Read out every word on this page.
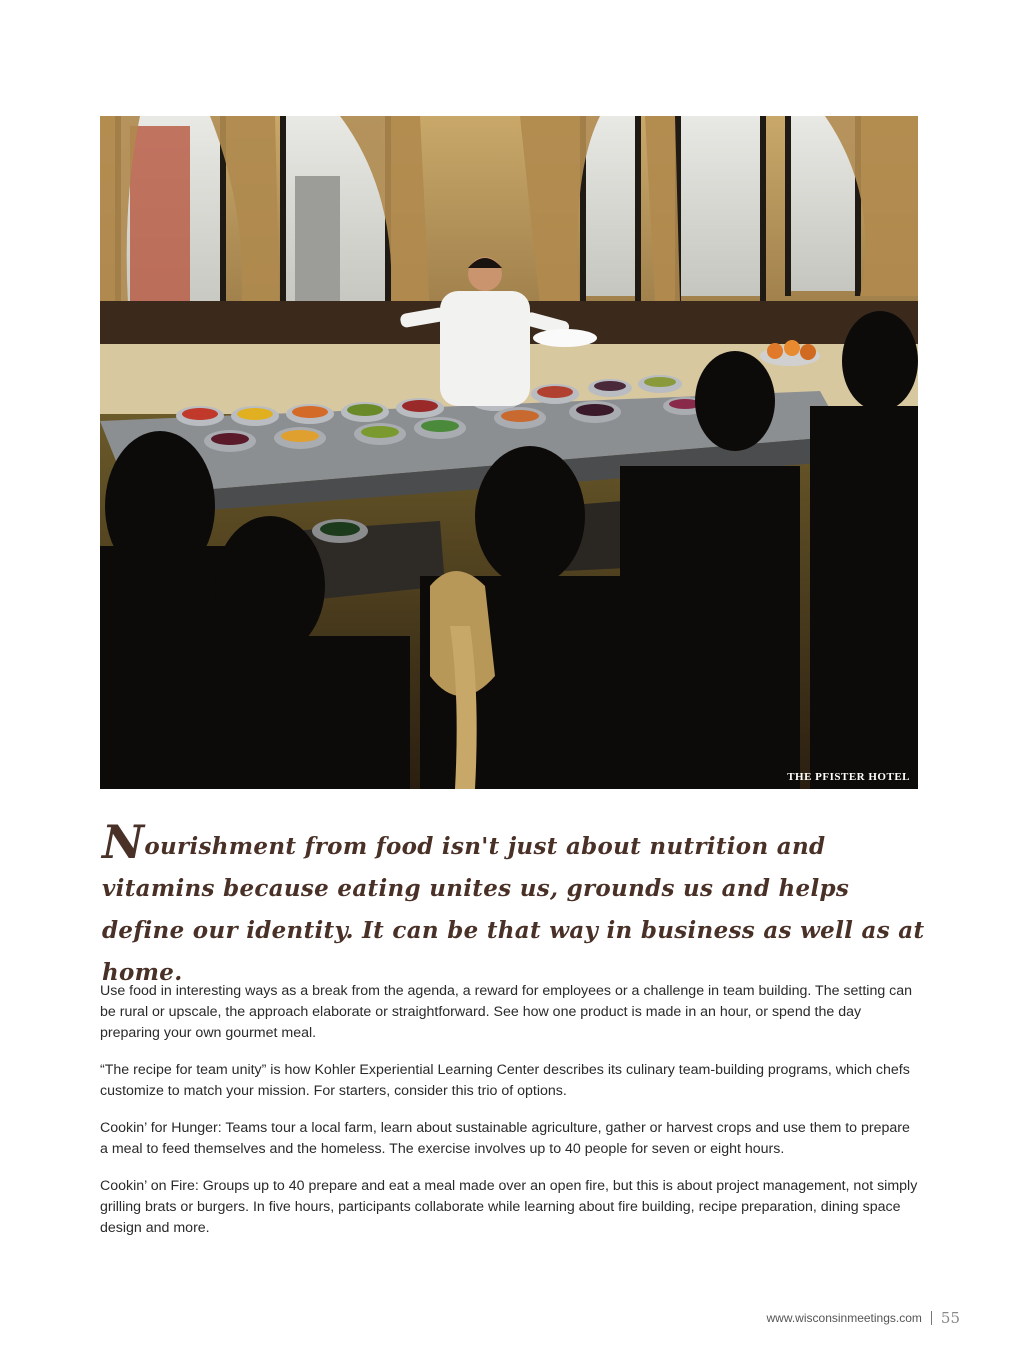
THE PFISTER HOTEL

Nourishment from food isn't just about nutrition and vitamins because eating unites us, grounds us and helps define our identity. It can be that way in business as well as at home.

Use food in interesting ways as a break from the agenda, a reward for employees or a challenge in team building. The setting can be rural or upscale, the approach elaborate or straightforward. See how one product is made in an hour, or spend the day preparing your own gourmet meal.

“The recipe for team unity” is how Kohler Experiential Learning Center describes its culinary team-building programs, which chefs customize to match your mission. For starters, consider this trio of options.

Cookin’ for Hunger: Teams tour a local farm, learn about sustainable agriculture, gather or harvest crops and use them to prepare a meal to feed themselves and the homeless. The exercise involves up to 40 people for seven or eight hours.

Cookin’ on Fire: Groups up to 40 prepare and eat a meal made over an open fire, but this is about project management, not simply grilling brats or burgers. In five hours, participants collaborate while learning about fire building, recipe preparation, dining space design and more.

www.wisconsinmeetings.com 55
